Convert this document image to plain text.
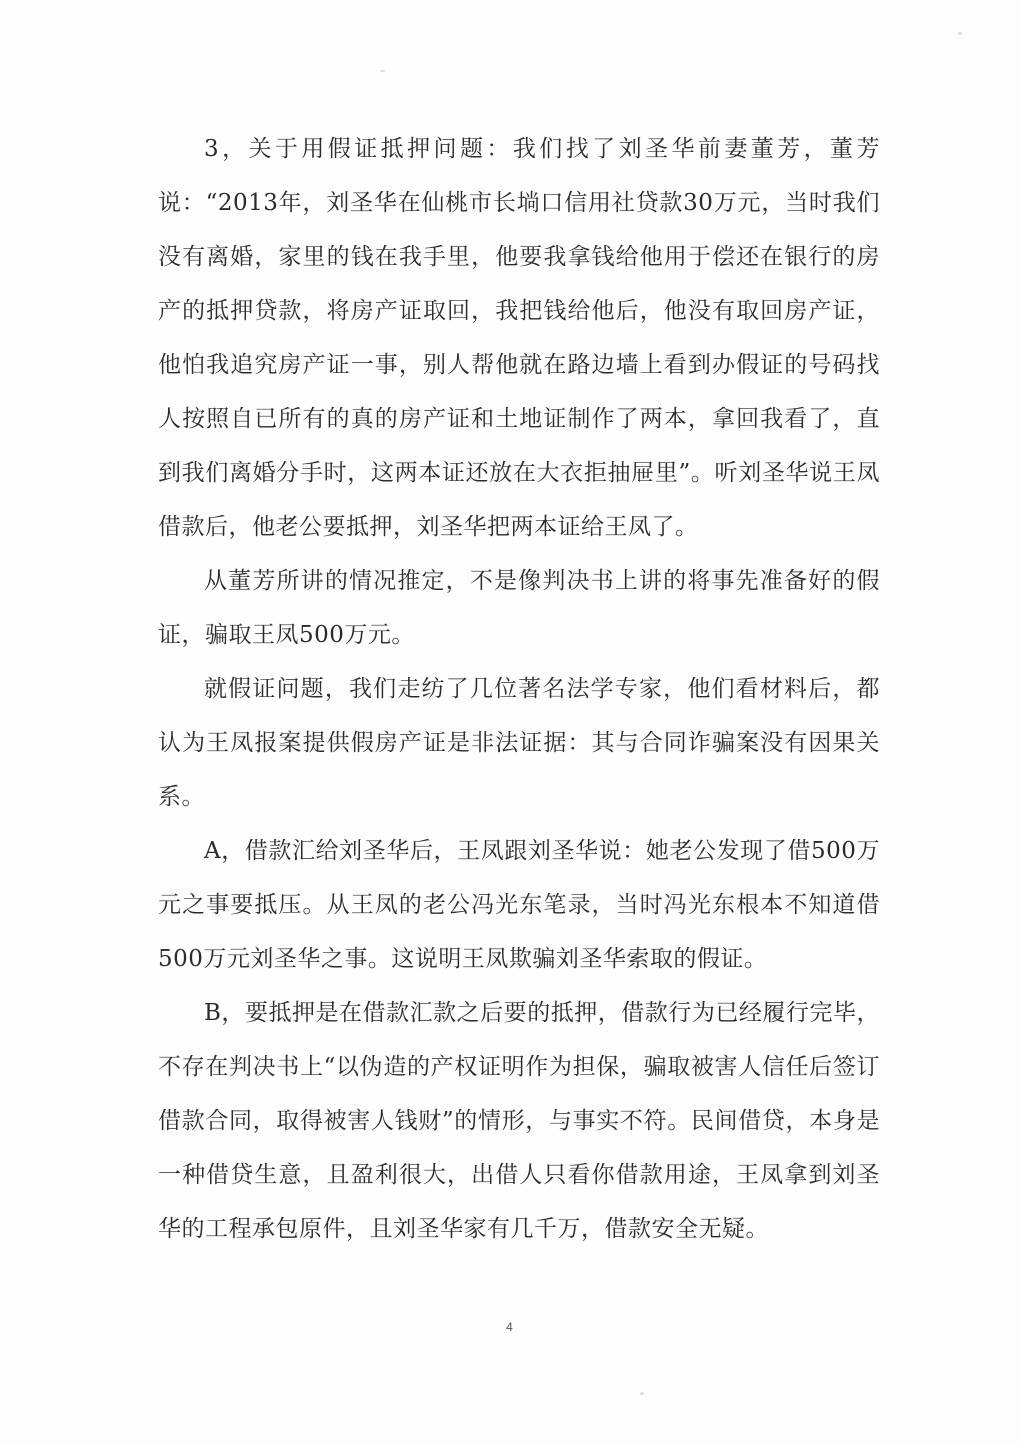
3，关于用假证抵押问题：我们找了刘圣华前妻董芳，董芳说：“2013年，刘圣华在仙桃市长埫口信用社贷款30万元，当时我们没有离婚，家里的钱在我手里，他要我拿钱给他用于偿还在银行的房产的抵押贷款，将房产证取回，我把钱给他后，他没有取回房产证，他怕我追究房产证一事，别人帮他就在路边墙上看到办假证的号码找人按照自已所有的真的房产证和土地证制作了两本，拿回我看了，直到我们离婚分手时，这两本证还放在大衣拒抽屉里”。听刘圣华说王凤借款后，他老公要抵押，刘圣华把两本证给王凤了。

从董芳所讲的情况推定，不是像判决书上讲的将事先准备好的假证，骗取王凤500万元。

就假证问题，我们走纺了几位著名法学专家，他们看材料后，都认为王凤报案提供假房产证是非法证据：其与合同诈骗案没有因果关系。

A，借款汇给刘圣华后，王凤跟刘圣华说：她老公发现了借500万元之事要抵压。从王凤的老公冯光东笔录，当时冯光东根本不知道借500万元刘圣华之事。这说明王凤欺骗刘圣华索取的假证。

B，要抵押是在借款汇款之后要的抵押，借款行为已经履行完毕，不存在判决书上“以伪造的产权证明作为担保，骗取被害人信任后签订借款合同，取得被害人钱财”的情形，与事实不符。民间借贷，本身是一种借贷生意，且盈利很大，出借人只看你借款用途，王凤拿到刘圣华的工程承包原件，且刘圣华家有几千万，借款安全无疑。

4
